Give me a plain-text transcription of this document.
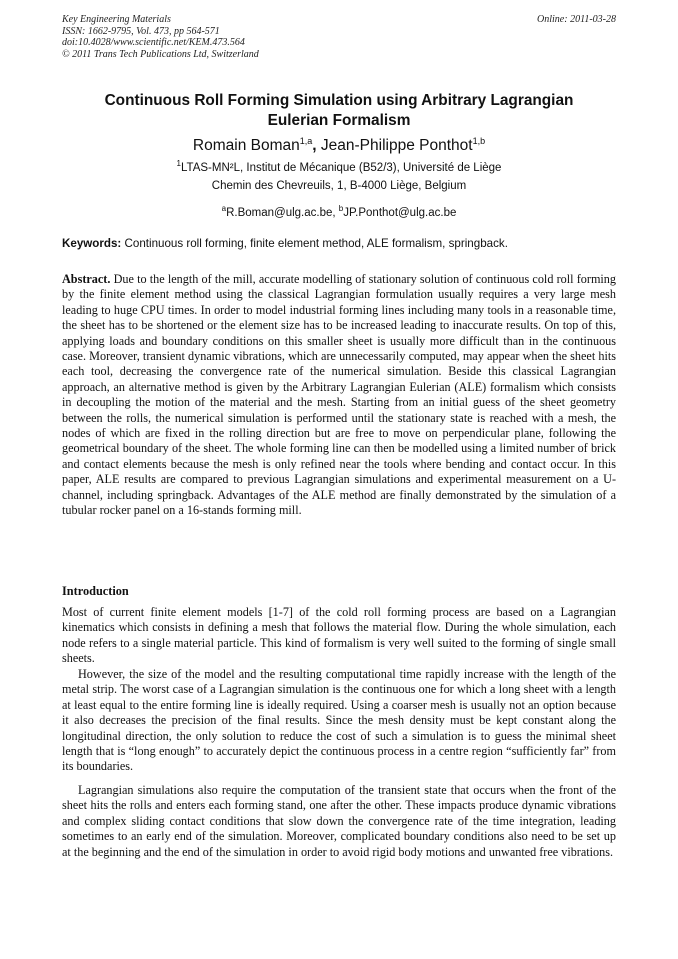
Key Engineering Materials
ISSN: 1662-9795, Vol. 473, pp 564-571
doi:10.4028/www.scientific.net/KEM.473.564
© 2011 Trans Tech Publications Ltd, Switzerland
Online: 2011-03-28
Continuous Roll Forming Simulation using Arbitrary Lagrangian
Eulerian Formalism
Romain Boman$^{1,a}$, Jean-Philippe Ponthot$^{1,b}$
$^1$LTAS-MN²L, Institut de Mécanique (B52/3), Université de Liège
Chemin des Chevreuils, 1, B-4000 Liège, Belgium
$^a$R.Boman@ulg.ac.be, $^b$JP.Ponthot@ulg.ac.be
Keywords: Continuous roll forming, finite element method, ALE formalism, springback.
Abstract. Due to the length of the mill, accurate modelling of stationary solution of continuous cold roll forming by the finite element method using the classical Lagrangian formulation usually requires a very large mesh leading to huge CPU times. In order to model industrial forming lines including many tools in a reasonable time, the sheet has to be shortened or the element size has to be increased leading to inaccurate results. On top of this, applying loads and boundary conditions on this smaller sheet is usually more difficult than in the continuous case. Moreover, transient dynamic vibrations, which are unnecessarily computed, may appear when the sheet hits each tool, decreasing the convergence rate of the numerical simulation. Beside this classical Lagrangian approach, an alternative method is given by the Arbitrary Lagrangian Eulerian (ALE) formalism which consists in decoupling the motion of the material and the mesh. Starting from an initial guess of the sheet geometry between the rolls, the numerical simulation is performed until the stationary state is reached with a mesh, the nodes of which are fixed in the rolling direction but are free to move on perpendicular plane, following the geometrical boundary of the sheet. The whole forming line can then be modelled using a limited number of brick and contact elements because the mesh is only refined near the tools where bending and contact occur. In this paper, ALE results are compared to previous Lagrangian simulations and experimental measurement on a U-channel, including springback. Advantages of the ALE method are finally demonstrated by the simulation of a tubular rocker panel on a 16-stands forming mill.
Introduction
Most of current finite element models [1-7] of the cold roll forming process are based on a Lagrangian kinematics which consists in defining a mesh that follows the material flow. During the whole simulation, each node refers to a single material particle. This kind of formalism is very well suited to the forming of single small sheets.
However, the size of the model and the resulting computational time rapidly increase with the length of the metal strip. The worst case of a Lagrangian simulation is the continuous one for which a long sheet with a length at least equal to the entire forming line is ideally required. Using a coarser mesh is usually not an option because it also decreases the precision of the final results. Since the mesh density must be kept constant along the longitudinal direction, the only solution to reduce the cost of such a simulation is to guess the minimal sheet length that is “long enough” to accurately depict the continuous process in a centre region “sufficiently far” from its boundaries.
Lagrangian simulations also require the computation of the transient state that occurs when the front of the sheet hits the rolls and enters each forming stand, one after the other. These impacts produce dynamic vibrations and complex sliding contact conditions that slow down the convergence rate of the time integration, leading sometimes to an early end of the simulation. Moreover, complicated boundary conditions also need to be set up at the beginning and the end of the simulation in order to avoid rigid body motions and unwanted free vibrations.
